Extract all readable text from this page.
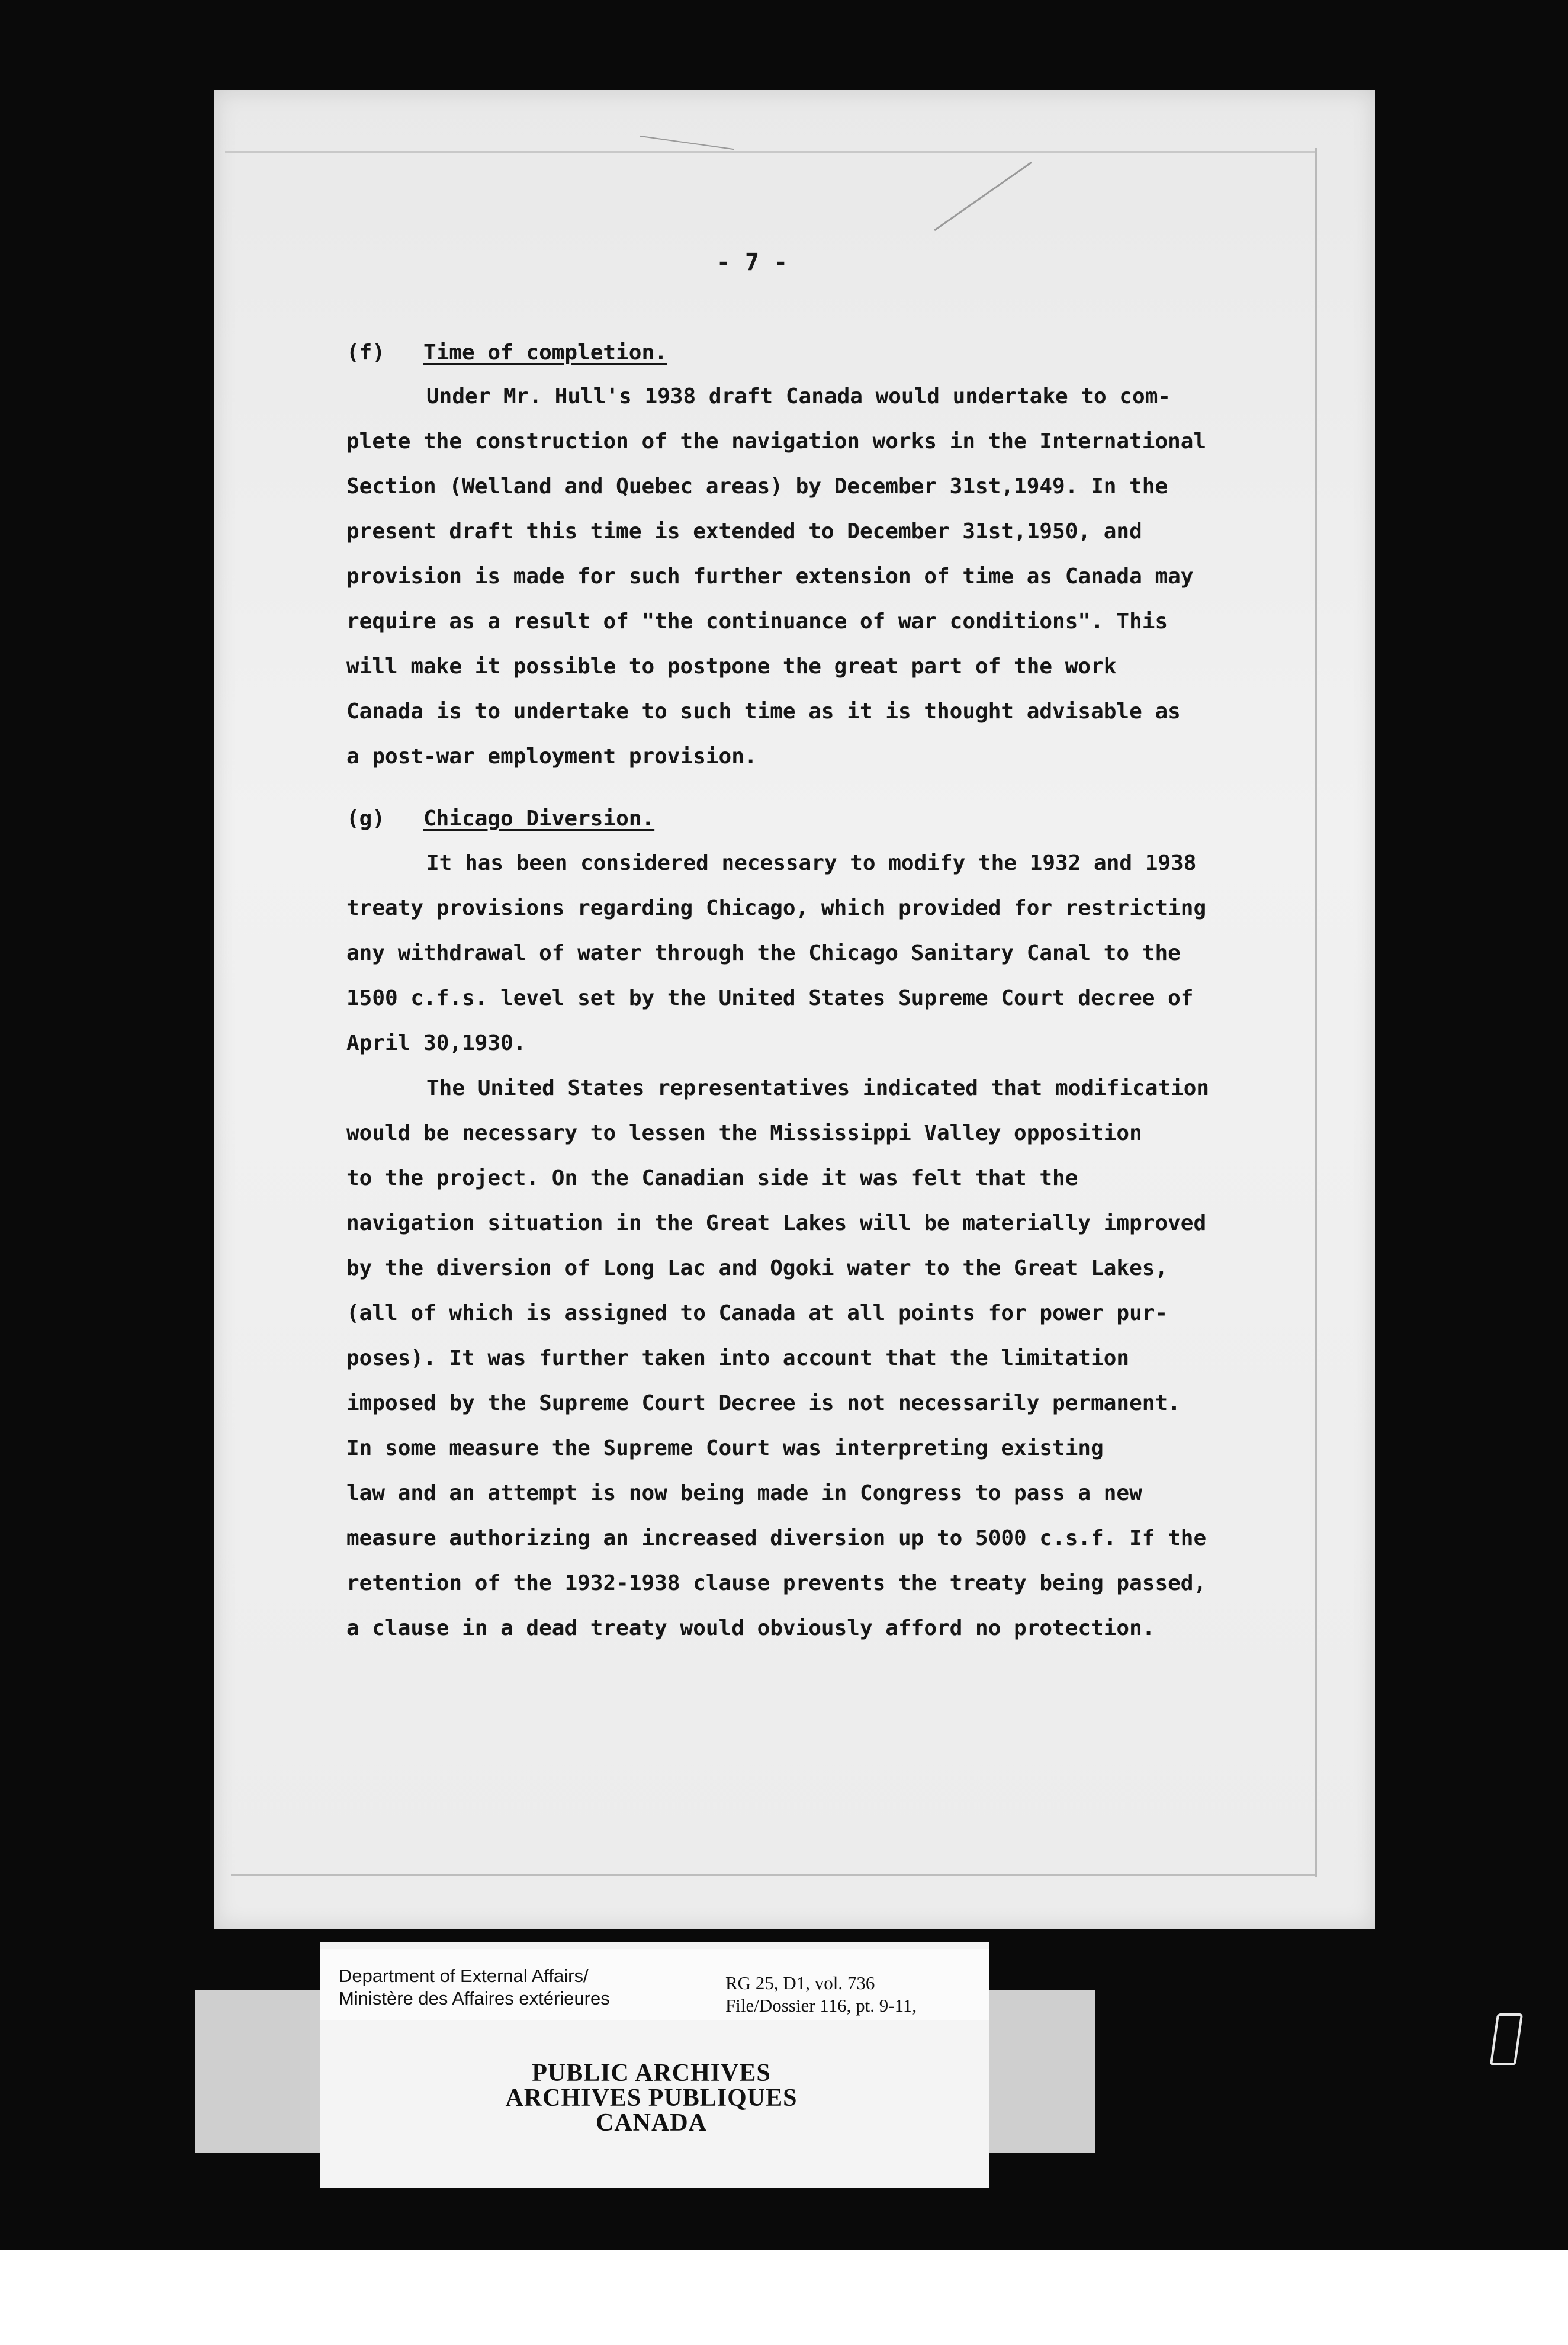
- 7 -
(f) Time of completion.
Under Mr. Hull's 1938 draft Canada would undertake to com-
plete the construction of the navigation works in the International
Section (Welland and Quebec areas) by December 31st,1949. In the
present draft this time is extended to December 31st,1950, and
provision is made for such further extension of time as Canada may
require as a result of "the continuance of war conditions". This
will make it possible to postpone the great part of the work
Canada is to undertake to such time as it is thought advisable as
a post-war employment provision.
(g) Chicago Diversion.
It has been considered necessary to modify the 1932 and 1938
treaty provisions regarding Chicago, which provided for restricting
any withdrawal of water through the Chicago Sanitary Canal to the
1500 c.f.s. level set by the United States Supreme Court decree of
April 30,1930.
The United States representatives indicated that modification
would be necessary to lessen the Mississippi Valley opposition
to the project. On the Canadian side it was felt that the
navigation situation in the Great Lakes will be materially improved
by the diversion of Long Lac and Ogoki water to the Great Lakes,
(all of which is assigned to Canada at all points for power pur-
poses). It was further taken into account that the limitation
imposed by the Supreme Court Decree is not necessarily permanent.
In some measure the Supreme Court was interpreting existing
law and an attempt is now being made in Congress to pass a new
measure authorizing an increased diversion up to 5000 c.s.f. If the
retention of the 1932-1938 clause prevents the treaty being passed,
a clause in a dead treaty would obviously afford no protection.
Department of External Affairs/
Ministère des Affaires extérieures
RG 25, D1, vol. 736
File/Dossier 116, pt. 9-11,
PUBLIC ARCHIVES
ARCHIVES PUBLIQUES
CANADA
